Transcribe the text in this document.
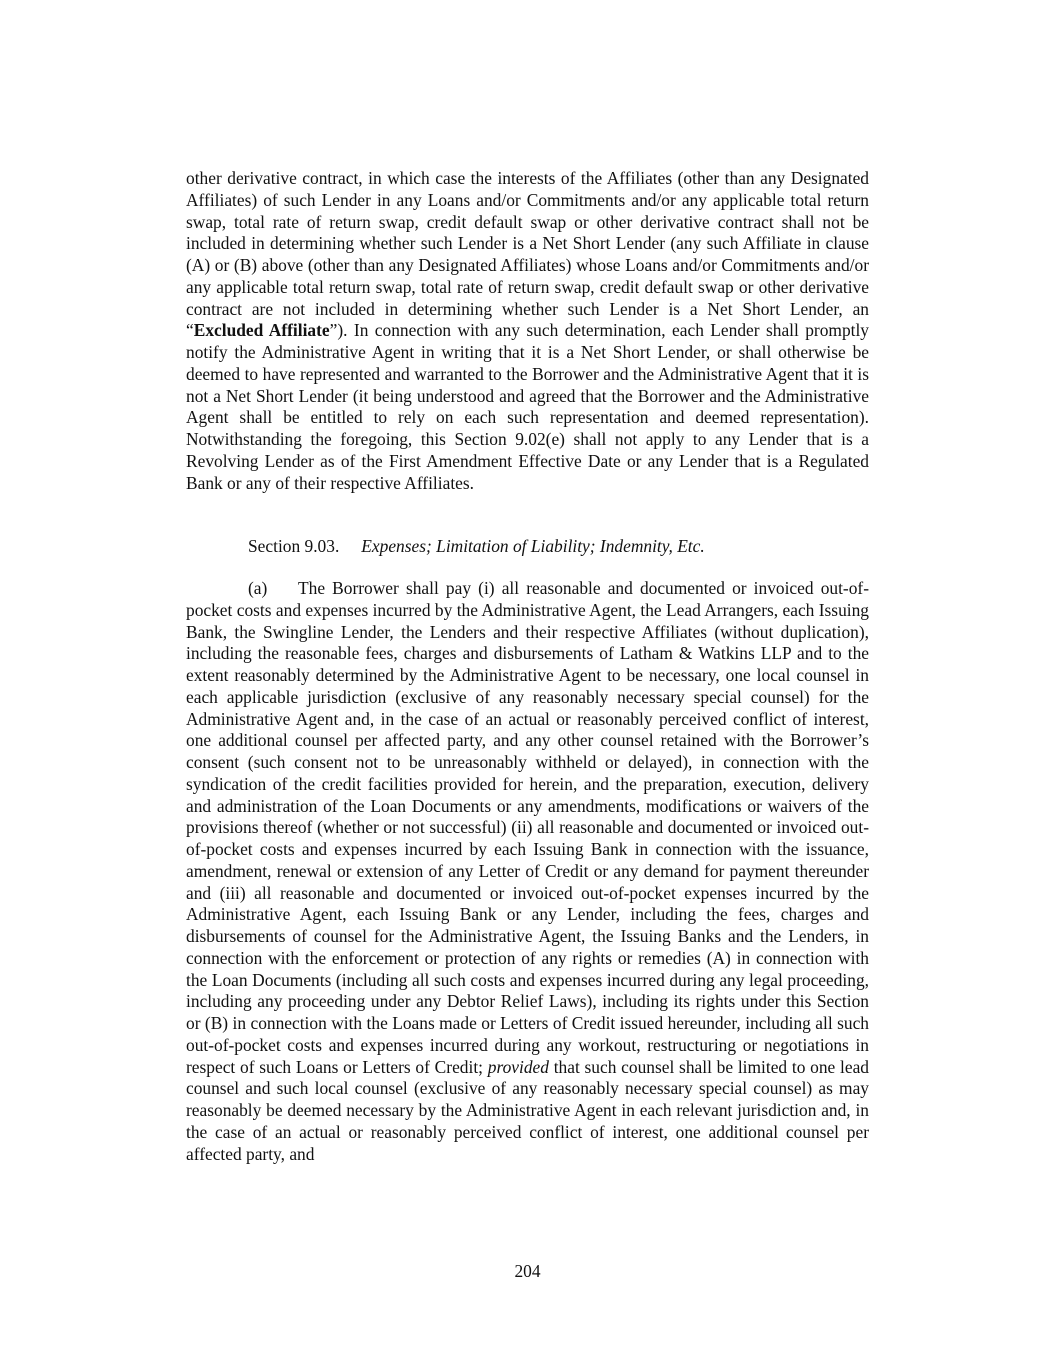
other derivative contract, in which case the interests of the Affiliates (other than any Designated Affiliates) of such Lender in any Loans and/or Commitments and/or any applicable total return swap, total rate of return swap, credit default swap or other derivative contract shall not be included in determining whether such Lender is a Net Short Lender (any such Affiliate in clause (A) or (B) above (other than any Designated Affiliates) whose Loans and/or Commitments and/or any applicable total return swap, total rate of return swap, credit default swap or other derivative contract are not included in determining whether such Lender is a Net Short Lender, an “Excluded Affiliate”). In connection with any such determination, each Lender shall promptly notify the Administrative Agent in writing that it is a Net Short Lender, or shall otherwise be deemed to have represented and warranted to the Borrower and the Administrative Agent that it is not a Net Short Lender (it being understood and agreed that the Borrower and the Administrative Agent shall be entitled to rely on each such representation and deemed representation). Notwithstanding the foregoing, this Section 9.02(e) shall not apply to any Lender that is a Revolving Lender as of the First Amendment Effective Date or any Lender that is a Regulated Bank or any of their respective Affiliates.

Section 9.03. Expenses; Limitation of Liability; Indemnity, Etc.

(a) The Borrower shall pay (i) all reasonable and documented or invoiced out-of-pocket costs and expenses incurred by the Administrative Agent, the Lead Arrangers, each Issuing Bank, the Swingline Lender, the Lenders and their respective Affiliates (without duplication), including the reasonable fees, charges and disbursements of Latham & Watkins LLP and to the extent reasonably determined by the Administrative Agent to be necessary, one local counsel in each applicable jurisdiction (exclusive of any reasonably necessary special counsel) for the Administrative Agent and, in the case of an actual or reasonably perceived conflict of interest, one additional counsel per affected party, and any other counsel retained with the Borrower’s consent (such consent not to be unreasonably withheld or delayed), in connection with the syndication of the credit facilities provided for herein, and the preparation, execution, delivery and administration of the Loan Documents or any amendments, modifications or waivers of the provisions thereof (whether or not successful) (ii) all reasonable and documented or invoiced out-of-pocket costs and expenses incurred by each Issuing Bank in connection with the issuance, amendment, renewal or extension of any Letter of Credit or any demand for payment thereunder and (iii) all reasonable and documented or invoiced out-of-pocket expenses incurred by the Administrative Agent, each Issuing Bank or any Lender, including the fees, charges and disbursements of counsel for the Administrative Agent, the Issuing Banks and the Lenders, in connection with the enforcement or protection of any rights or remedies (A) in connection with the Loan Documents (including all such costs and expenses incurred during any legal proceeding, including any proceeding under any Debtor Relief Laws), including its rights under this Section or (B) in connection with the Loans made or Letters of Credit issued hereunder, including all such out-of-pocket costs and expenses incurred during any workout, restructuring or negotiations in respect of such Loans or Letters of Credit; provided that such counsel shall be limited to one lead counsel and such local counsel (exclusive of any reasonably necessary special counsel) as may reasonably be deemed necessary by the Administrative Agent in each relevant jurisdiction and, in the case of an actual or reasonably perceived conflict of interest, one additional counsel per affected party, and

204
